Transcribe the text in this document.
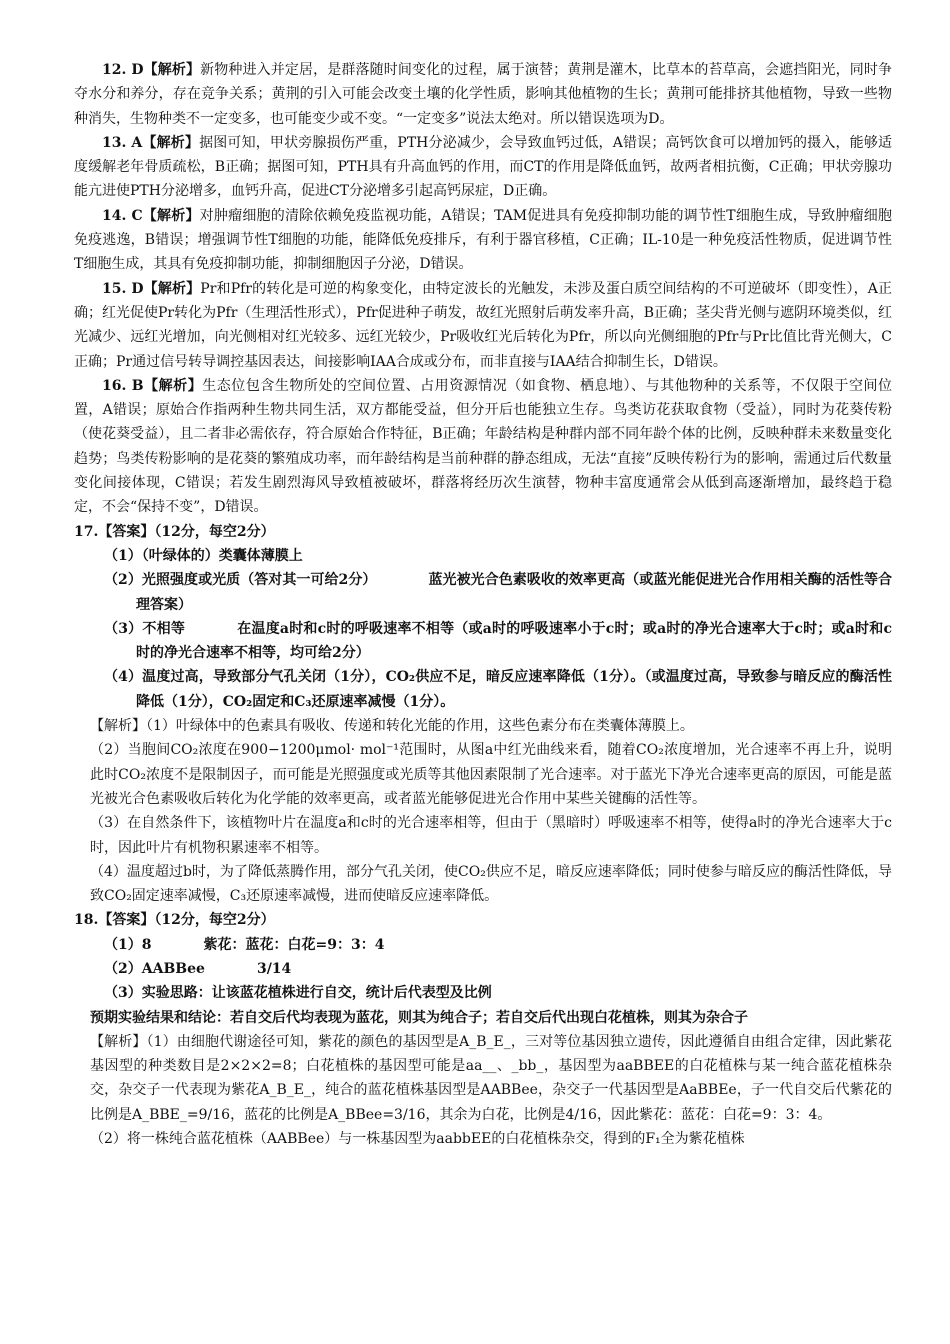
12. D【解析】新物种进入并定居，是群落随时间变化的过程，属于演替；黄荆是灌木，比草本的苔草高，会遮挡阳光，同时争夺水分和养分，存在竞争关系；黄荆的引入可能会改变土壤的化学性质，影响其他植物的生长；黄荆可能排挤其他植物，导致一些物种消失，生物种类不一定变多，也可能变少或不变。“一定变多”说法太绝对。所以错误选项为D。

13. A【解析】据图可知，甲状旁腺损伤严重，PTH分泌减少，会导致血钙过低，A错误；高钙饮食可以增加钙的摄入，能够适度缓解老年骨质疏松，B正确；据图可知，PTH具有升高血钙的作用，而CT的作用是降低血钙，故两者相抗衡，C正确；甲状旁腺功能亢进使PTH分泌增多，血钙升高，促进CT分泌增多引起高钙尿症，D正确。

14. C【解析】对肿瘤细胞的清除依赖免疫监视功能，A错误；TAM促进具有免疫抑制功能的调节性T细胞生成，导致肿瘤细胞免疫逃逸，B错误；增强调节性T细胞的功能，能降低免疫排斥，有利于器官移植，C正确；IL-10是一种免疫活性物质，促进调节性T细胞生成，其具有免疫抑制功能，抑制细胞因子分泌，D错误。

15. D【解析】Pr和Pfr的转化是可逆的构象变化，由特定波长的光触发，未涉及蛋白质空间结构的不可逆破坏（即变性），A正确；红光促使Pr转化为Pfr（生理活性形式），Pfr促进种子萌发，故红光照射后萌发率升高，B正确；茎尖背光侧与遮阴环境类似，红光减少、远红光增加，向光侧相对红光较多、远红光较少，Pr吸收红光后转化为Pfr，所以向光侧细胞的Pfr与Pr比值比背光侧大，C正确；Pr通过信号转导调控基因表达，间接影响IAA合成或分布，而非直接与IAA结合抑制生长，D错误。

16. B【解析】生态位包含生物所处的空间位置、占用资源情况（如食物、栖息地）、与其他物种的关系等，不仅限于空间位置，A错误；原始合作指两种生物共同生活，双方都能受益，但分开后也能独立生存。鸟类访花获取食物（受益），同时为花葵传粉（使花葵受益），且二者非必需依存，符合原始合作特征，B正确；年龄结构是种群内部不同年龄个体的比例，反映种群未来数量变化趋势；鸟类传粉影响的是花葵的繁殖成功率，而年龄结构是当前种群的静态组成，无法“直接”反映传粉行为的影响，需通过后代数量变化间接体现，C错误；若发生剧烈海风导致植被破坏，群落将经历次生演替，物种丰富度通常会从低到高逐渐增加，最终趋于稳定，不会“保持不变”，D错误。

17.【答案】（12分，每空2分）

（1）（叶绿体的）类囊体薄膜上

（2）光照强度或光质（答对其一可给2分）	蓝光被光合色素吸收的效率更高（或蓝光能促进光合作用相关酶的活性等合理答案）

（3）不相等	在温度a时和c时的呼吸速率不相等（或a时的呼吸速率小于c时；或a时的净光合速率大于c时；或a时和c时的净光合速率不相等，均可给2分）

（4）温度过高，导致部分气孔关闭（1分），CO₂供应不足，暗反应速率降低（1分）。（或温度过高，导致参与暗反应的酶活性降低（1分），CO₂固定和C₃还原速率减慢（1分）。

【解析】（1）叶绿体中的色素具有吸收、传递和转化光能的作用，这些色素分布在类囊体薄膜上。

（2）当胞间CO₂浓度在900−1200μmol· mol⁻¹范围时，从图a中红光曲线来看，随着CO₂浓度增加，光合速率不再上升，说明此时CO₂浓度不是限制因子，而可能是光照强度或光质等其他因素限制了光合速率。对于蓝光下净光合速率更高的原因，可能是蓝光被光合色素吸收后转化为化学能的效率更高，或者蓝光能够促进光合作用中某些关键酶的活性等。

（3）在自然条件下，该植物叶片在温度a和c时的光合速率相等，但由于（黑暗时）呼吸速率不相等，使得a时的净光合速率大于c时，因此叶片有机物积累速率不相等。

（4）温度超过b时，为了降低蒸腾作用，部分气孔关闭，使CO₂供应不足，暗反应速率降低；同时使参与暗反应的酶活性降低，导致CO₂固定速率减慢，C₃还原速率减慢，进而使暗反应速率降低。

18.【答案】（12分，每空2分）

（1）8	紫花：蓝花：白花=9：3：4

（2）AABBee	3/14

（3）实验思路：让该蓝花植株进行自交，统计后代表型及比例

预期实验结果和结论：若自交后代均表现为蓝花，则其为纯合子；若自交后代出现白花植株，则其为杂合子

【解析】（1）由细胞代谢途径可知，紫花的颜色的基因型是A_B_E_，三对等位基因独立遗传，因此遵循自由组合定律，因此紫花基因型的种类数目是2×2×2=8；白花植株的基因型可能是aa__、_bb_，基因型为aaBBEE的白花植株与某一纯合蓝花植株杂交，杂交子一代表现为紫花A_B_E_，纯合的蓝花植株基因型是AABBee，杂交子一代基因型是AaBBEe，子一代自交后代紫花的比例是A_BBE_=9/16，蓝花的比例是A_BBee=3/16，其余为白花，比例是4/16，因此紫花：蓝花：白花=9：3：4。

（2）将一株纯合蓝花植株（AABBee）与一株基因型为aabbEE的白花植株杂交，得到的F₁全为紫花植株
